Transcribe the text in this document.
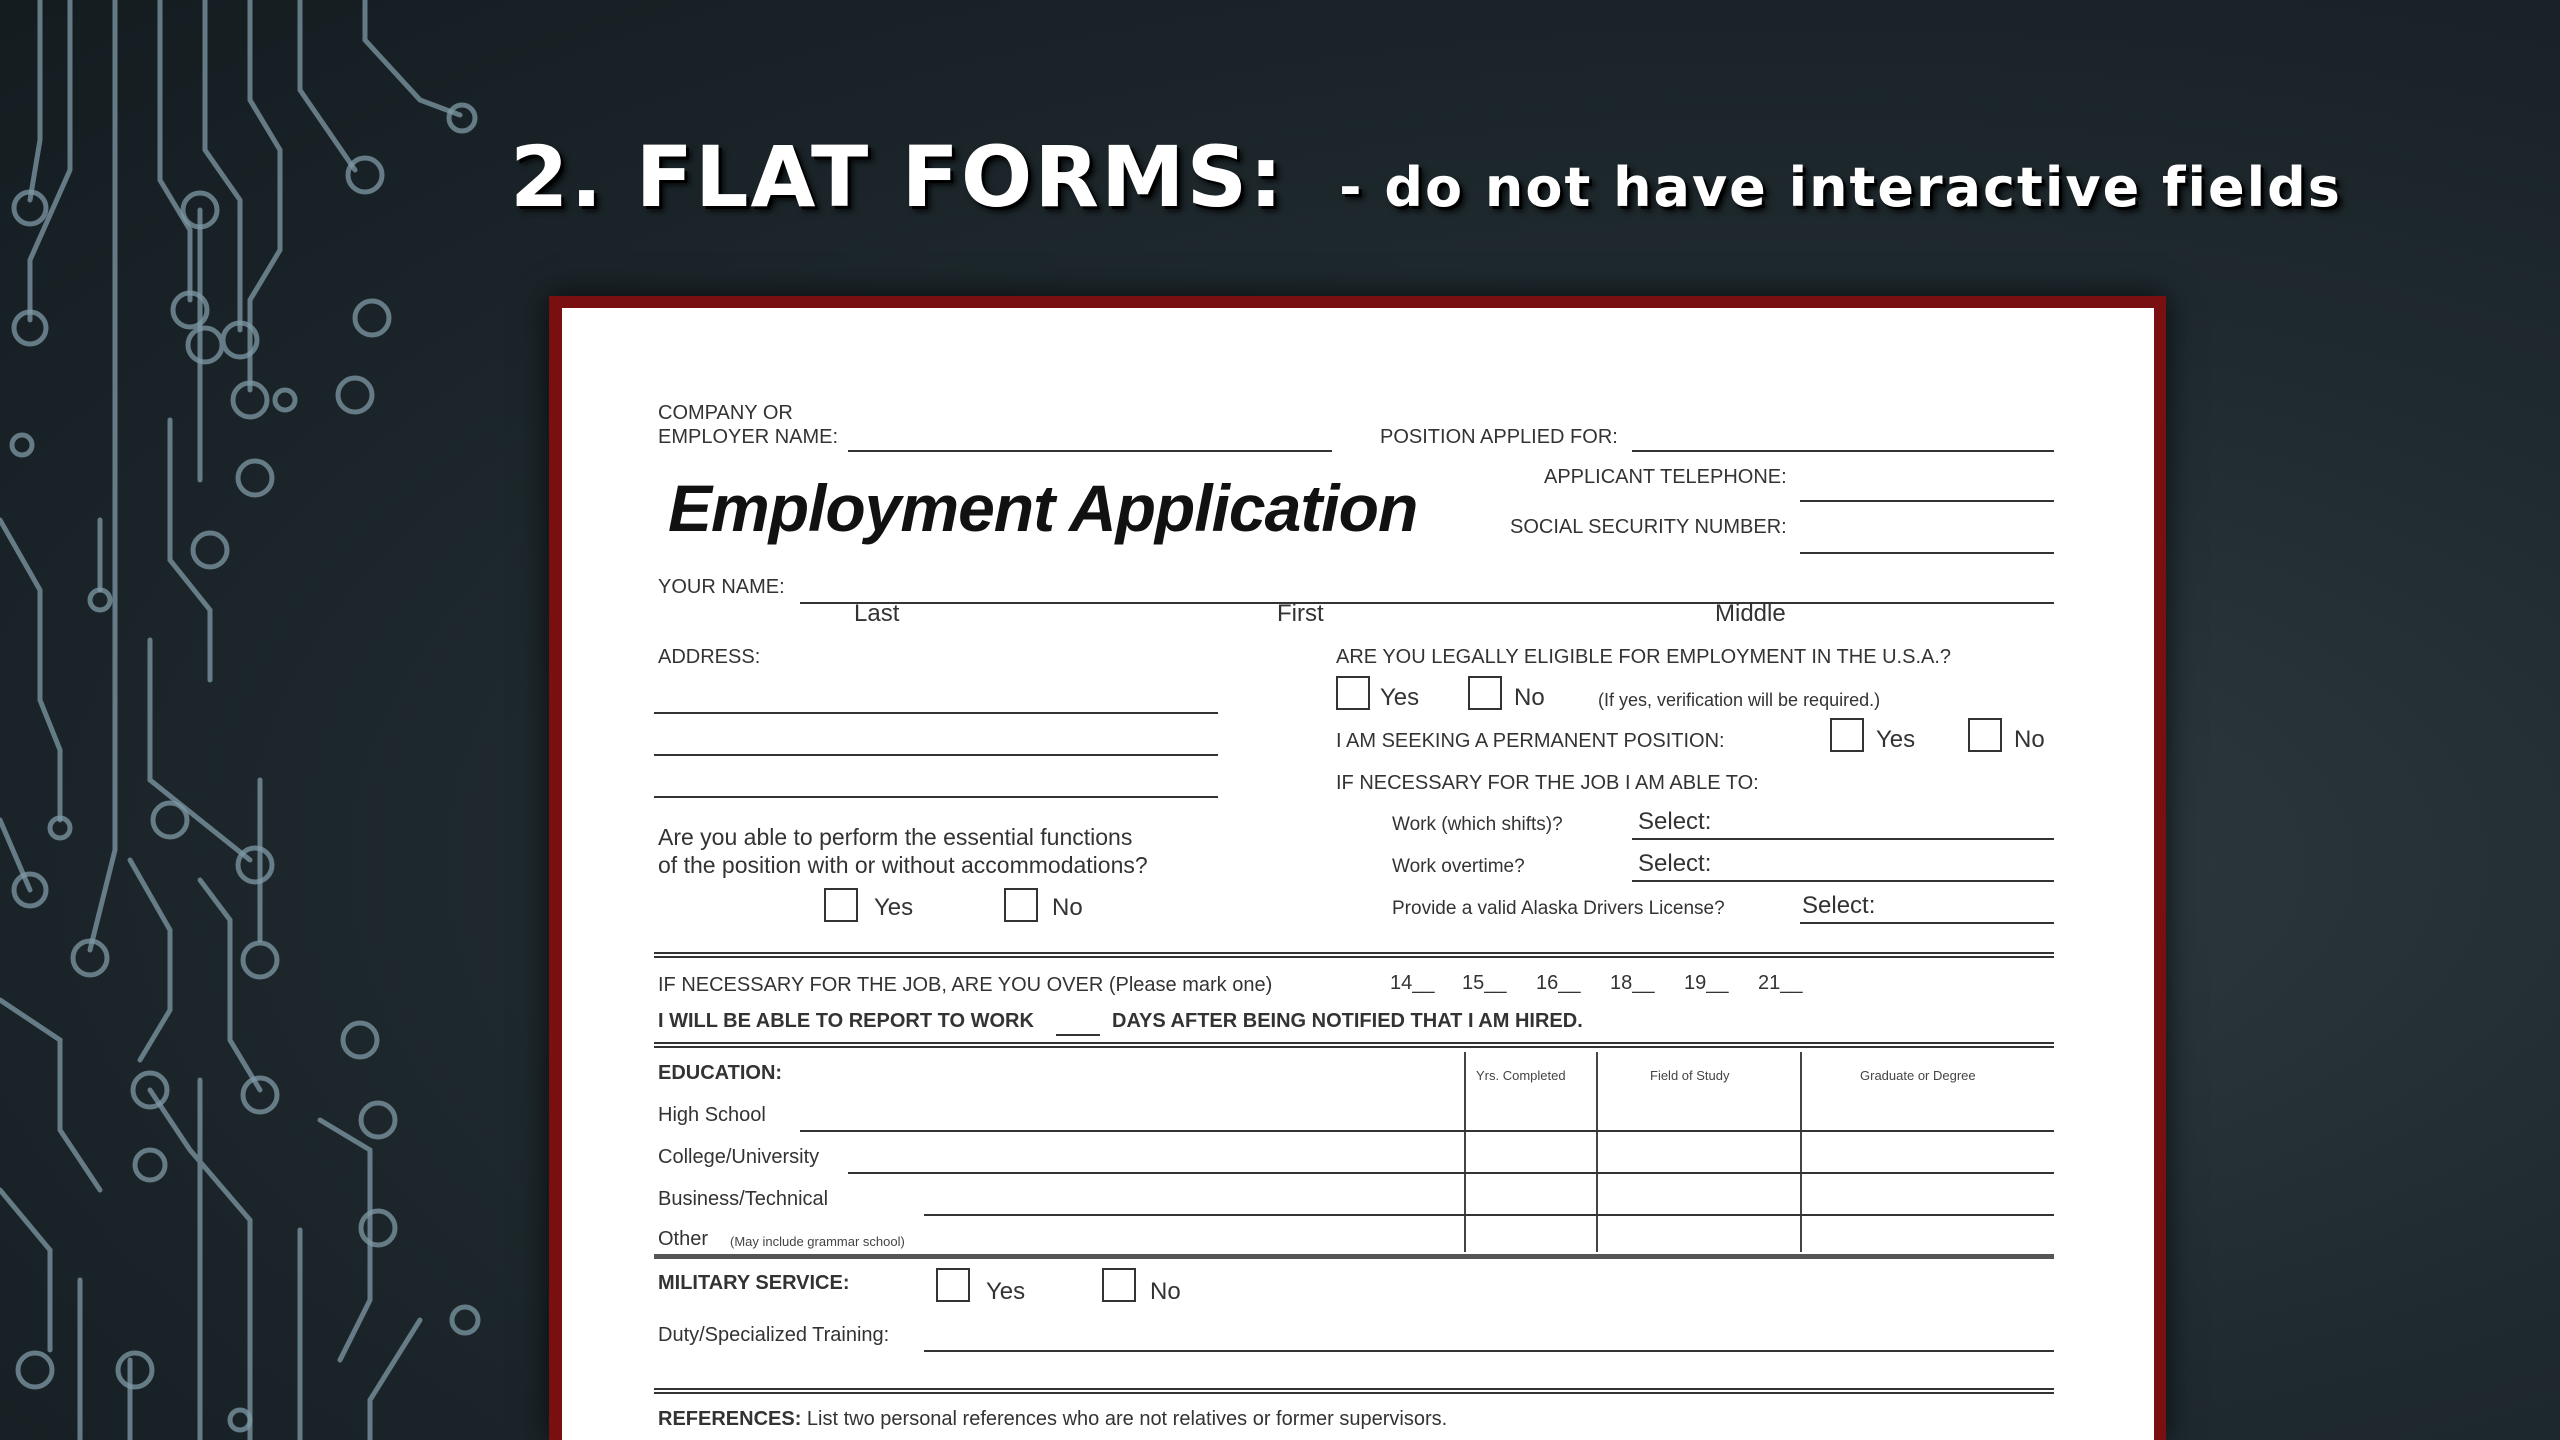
2. FLAT FORMS: - do not have interactive fields
COMPANY OR
EMPLOYER NAME:	POSITION APPLIED FOR:
APPLICANT TELEPHONE:
Employment Application	SOCIAL SECURITY NUMBER:
YOUR NAME:
Last	First	Middle
ADDRESS:	ARE YOU LEGALLY ELIGIBLE FOR EMPLOYMENT IN THE U.S.A.?
Yes	No	(If yes, verification will be required.)
I AM SEEKING A PERMANENT POSITION:	Yes	No
IF NECESSARY FOR THE JOB I AM ABLE TO:
Work (which shifts)?	Select:
Work overtime?	Select:
Provide a valid Alaska Drivers License?	Select:
Are you able to perform the essential functions
of the position with or without accommodations?
Yes	No
IF NECESSARY FOR THE JOB, ARE YOU OVER (Please mark one)	14__ 15__ 16__ 18__ 19__ 21__
I WILL BE ABLE TO REPORT TO WORK	DAYS AFTER BEING NOTIFIED THAT I AM HIRED.
EDUCATION:	Yrs. Completed	Field of Study	Graduate or Degree
High School
College/University
Business/Technical
Other (May include grammar school)
MILITARY SERVICE:	Yes	No
Duty/Specialized Training:
REFERENCES: List two personal references who are not relatives or former supervisors.
